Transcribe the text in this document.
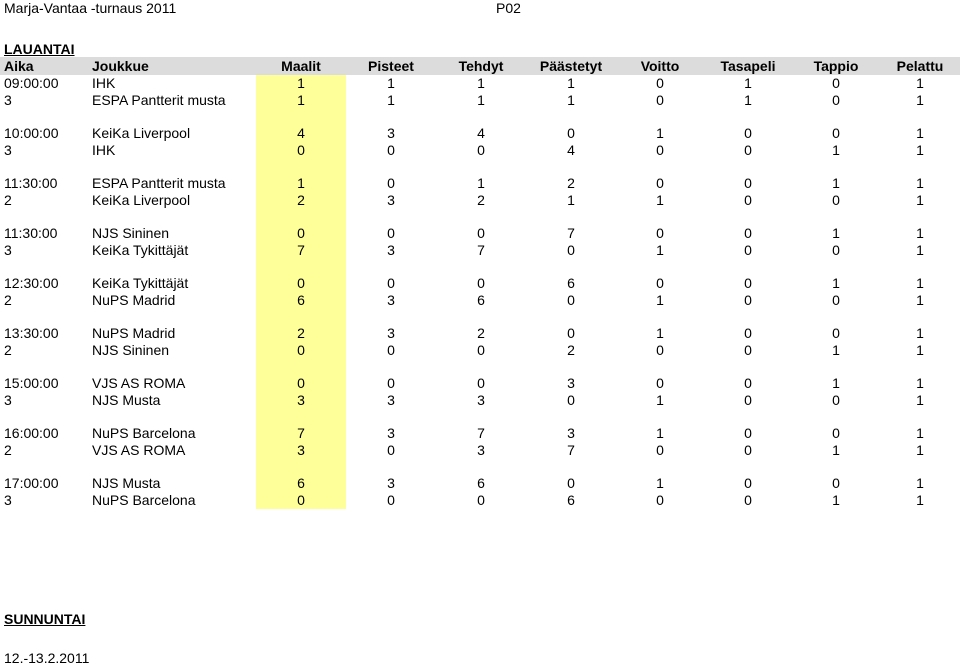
Marja-Vantaa -turnaus 2011	P02
LAUANTAI
Aika	Joukkue	Maalit	Pisteet	Tehdyt	Päästetyt	Voitto	Tasapeli	Tappio	Pelattu
09:00:00	IHK	1	1	1	1	0	1	0	1
3	ESPA Pantterit musta	1	1	1	1	0	1	0	1

10:00:00	KeiKa Liverpool	4	3	4	0	1	0	0	1
3	IHK	0	0	0	4	0	0	1	1

11:30:00	ESPA Pantterit musta	1	0	1	2	0	0	1	1
2	KeiKa Liverpool	2	3	2	1	1	0	0	1

11:30:00	NJS Sininen	0	0	0	7	0	0	1	1
3	KeiKa Tykittäjät	7	3	7	0	1	0	0	1

12:30:00	KeiKa Tykittäjät	0	0	0	6	0	0	1	1
2	NuPS Madrid	6	3	6	0	1	0	0	1

13:30:00	NuPS Madrid	2	3	2	0	1	0	0	1
2	NJS Sininen	0	0	0	2	0	0	1	1

15:00:00	VJS AS ROMA	0	0	0	3	0	0	1	1
3	NJS Musta	3	3	3	0	1	0	0	1

16:00:00	NuPS Barcelona	7	3	7	3	1	0	0	1
2	VJS AS ROMA	3	0	3	7	0	0	1	1

17:00:00	NJS Musta	6	3	6	0	1	0	0	1
3	NuPS Barcelona	0	0	0	6	0	0	1	1
SUNNUNTAI
12.-13.2.2011
